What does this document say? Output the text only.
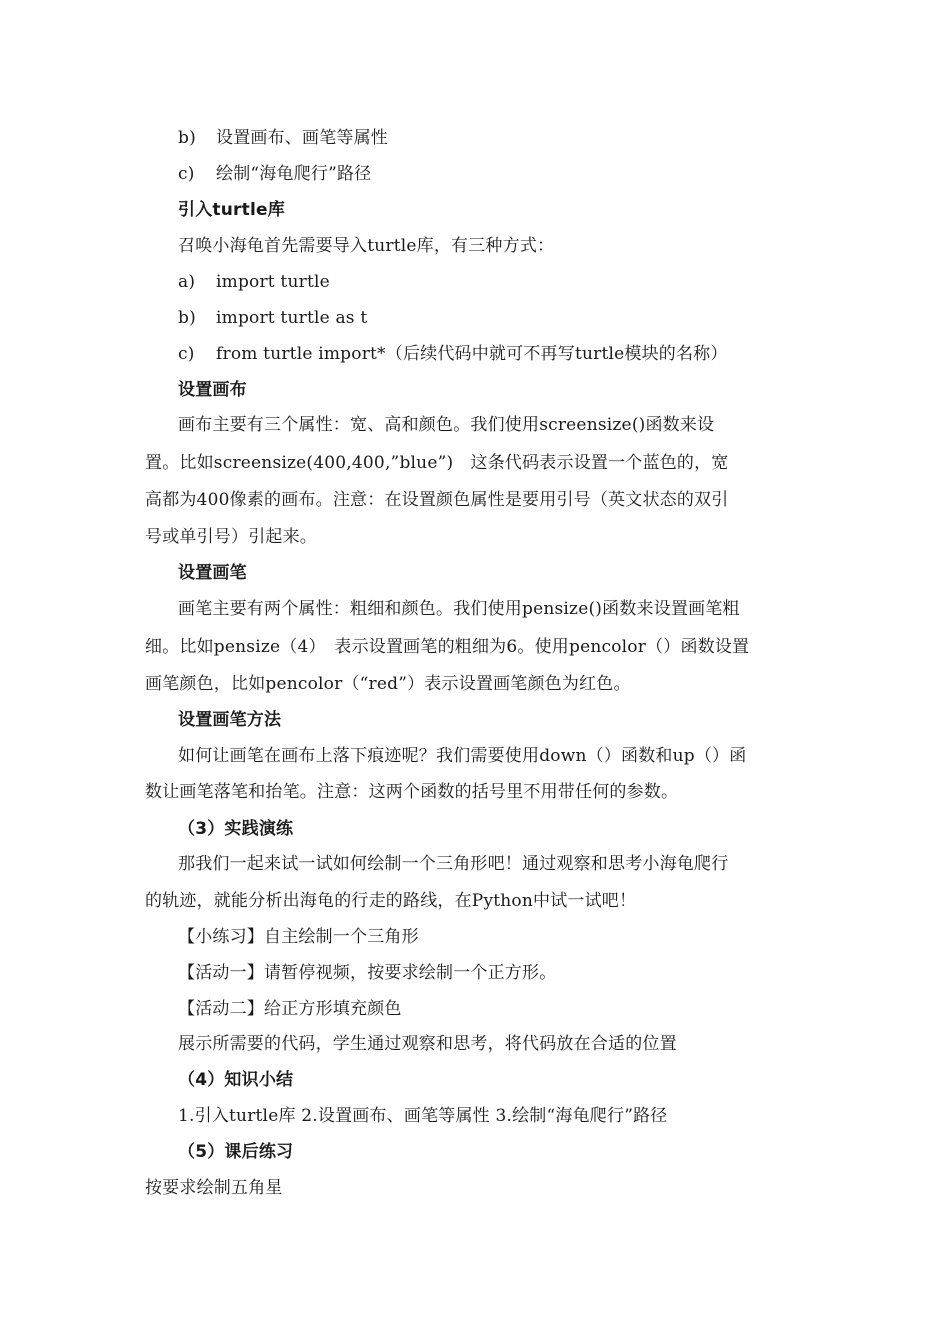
b) 设置画布、画笔等属性
c) 绘制“海龟爬行”路径
引入turtle库
召唤小海龟首先需要导入turtle库，有三种方式：
a) import turtle
b) import turtle as t
c) from turtle import*（后续代码中就可不再写turtle模块的名称）
设置画布
画布主要有三个属性：宽、高和颜色。我们使用screensize()函数来设
置。比如screensize(400,400,”blue”)　这条代码表示设置一个蓝色的，宽
高都为400像素的画布。注意：在设置颜色属性是要用引号（英文状态的双引
号或单引号）引起来。
设置画笔
画笔主要有两个属性：粗细和颜色。我们使用pensize()函数来设置画笔粗
细。比如pensize（4）　表示设置画笔的粗细为6。使用pencolor（）函数设置
画笔颜色，比如pencolor（“red”）表示设置画笔颜色为红色。
设置画笔方法
如何让画笔在画布上落下痕迹呢？我们需要使用down（）函数和up（）函
数让画笔落笔和抬笔。注意：这两个函数的括号里不用带任何的参数。
（3）实践演练
那我们一起来试一试如何绘制一个三角形吧！通过观察和思考小海龟爬行
的轨迹，就能分析出海龟的行走的路线，在Python中试一试吧！
【小练习】自主绘制一个三角形
【活动一】请暂停视频，按要求绘制一个正方形。
【活动二】给正方形填充颜色
展示所需要的代码，学生通过观察和思考，将代码放在合适的位置
（4）知识小结
1.引入turtle库 2.设置画布、画笔等属性 3.绘制“海龟爬行”路径
（5）课后练习
按要求绘制五角星
